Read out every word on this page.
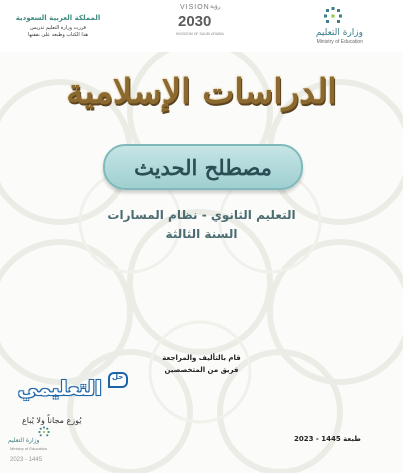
وزارة التعليم
Ministry of Education
VISION رؤية
2030
KINGDOM OF SAUDI ARABIA
المملكة العربية السعودية
قررت وزارة التعليم تدريس
هذا الكتاب وطبعه على نفقتها
الدراسات الإسلامية
مصطلح الحديث
التعليم الثانوي - نظام المسارات
السنة الثالثة
قام بالتأليف والمراجعة
فريق من المتخصصين
التعليمي حل
يُوزع مجاناً ولا يُباع
وزارة التعليم
Ministry of Education
2023 - 1445
طبعة 1445 - 2023
